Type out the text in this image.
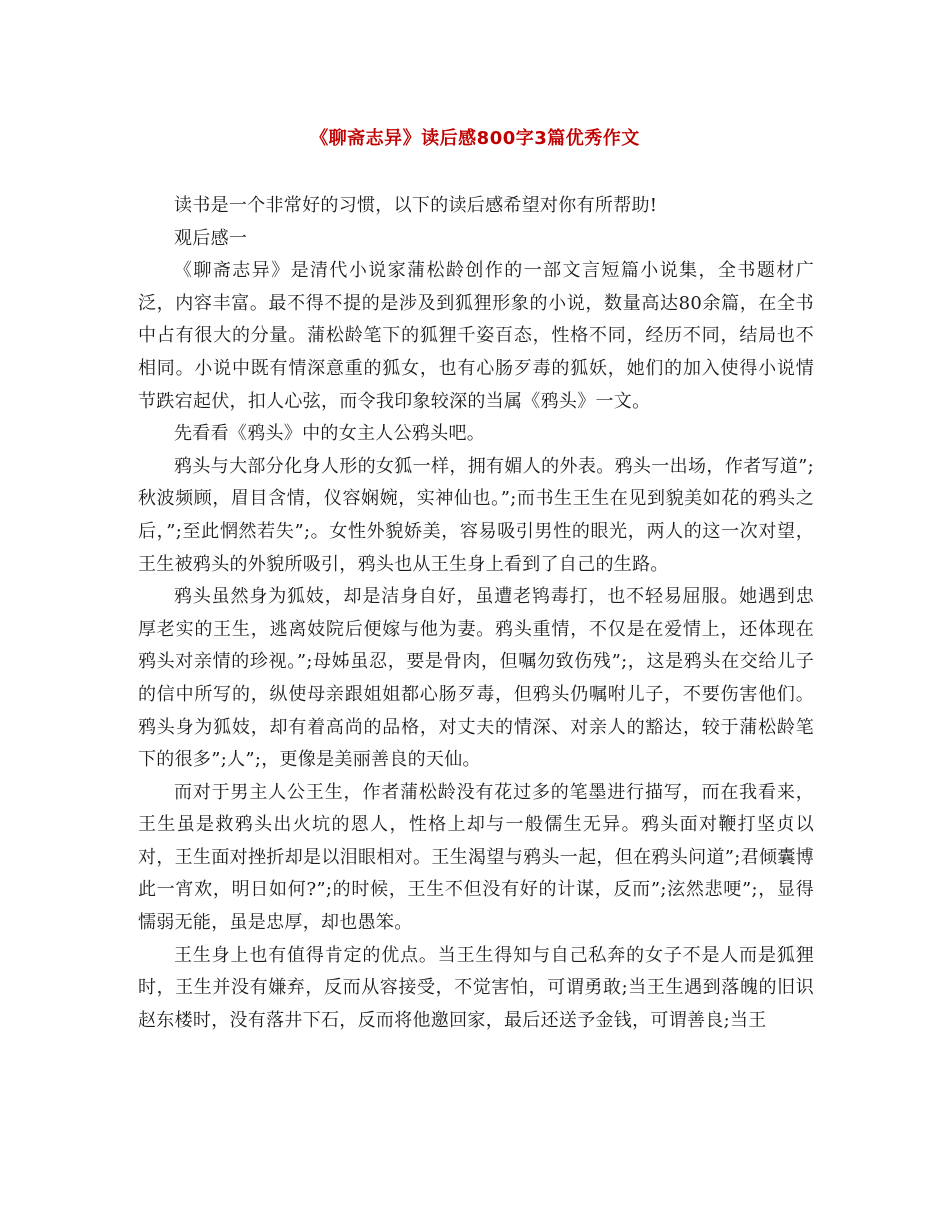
《聊斋志异》读后感800字3篇优秀作文

读书是一个非常好的习惯，以下的读后感希望对你有所帮助!

观后感一

《聊斋志异》是清代小说家蒲松龄创作的一部文言短篇小说集，全书题材广泛，内容丰富。最不得不提的是涉及到狐狸形象的小说，数量高达80余篇，在全书中占有很大的分量。蒲松龄笔下的狐狸千姿百态，性格不同，经历不同，结局也不相同。小说中既有情深意重的狐女，也有心肠歹毒的狐妖，她们的加入使得小说情节跌宕起伏，扣人心弦，而令我印象较深的当属《鸦头》一文。

先看看《鸦头》中的女主人公鸦头吧。

鸦头与大部分化身人形的女狐一样，拥有媚人的外表。鸦头一出场，作者写道”;秋波频顾，眉目含情，仪容娴婉，实神仙也。”;而书生王生在见到貌美如花的鸦头之后，”;至此惘然若失”;。女性外貌娇美，容易吸引男性的眼光，两人的这一次对望，王生被鸦头的外貌所吸引，鸦头也从王生身上看到了自己的生路。

鸦头虽然身为狐妓，却是洁身自好，虽遭老鸨毒打，也不轻易屈服。她遇到忠厚老实的王生，逃离妓院后便嫁与他为妻。鸦头重情，不仅是在爱情上，还体现在鸦头对亲情的珍视。”;母姊虽忍，要是骨肉，但嘱勿致伤残”;，这是鸦头在交给儿子的信中所写的，纵使母亲跟姐姐都心肠歹毒，但鸦头仍嘱咐儿子，不要伤害他们。鸦头身为狐妓，却有着高尚的品格，对丈夫的情深、对亲人的豁达，较于蒲松龄笔下的很多”;人”;，更像是美丽善良的天仙。

而对于男主人公王生，作者蒲松龄没有花过多的笔墨进行描写，而在我看来，王生虽是救鸦头出火坑的恩人，性格上却与一般儒生无异。鸦头面对鞭打坚贞以对，王生面对挫折却是以泪眼相对。王生渴望与鸦头一起，但在鸦头问道”;君倾囊博此一宵欢，明日如何?”;的时候，王生不但没有好的计谋，反而”;泫然悲哽”;，显得懦弱无能，虽是忠厚，却也愚笨。

王生身上也有值得肯定的优点。当王生得知与自己私奔的女子不是人而是狐狸时，王生并没有嫌弃，反而从容接受，不觉害怕，可谓勇敢;当王生遇到落魄的旧识赵东楼时，没有落井下石，反而将他邀回家，最后还送予金钱，可谓善良;当王
